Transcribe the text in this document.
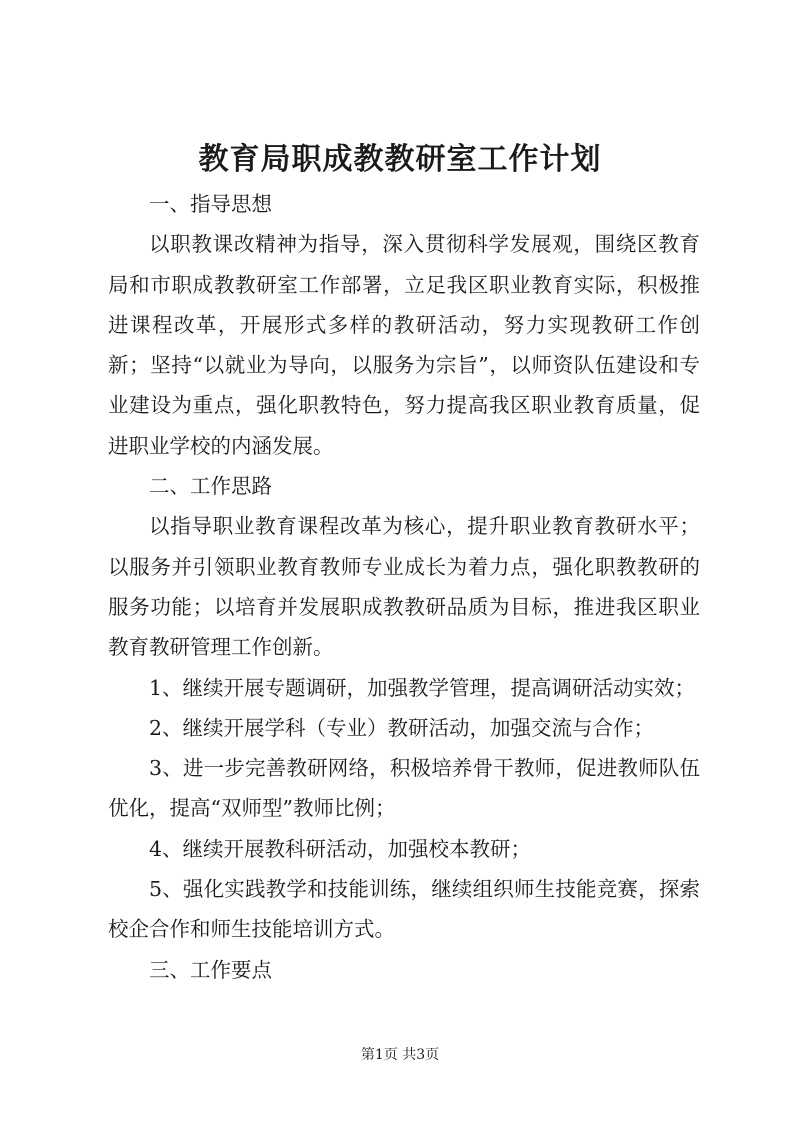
教育局职成教教研室工作计划

一、指导思想

以职教课改精神为指导，深入贯彻科学发展观，围绕区教育局和市职成教教研室工作部署，立足我区职业教育实际，积极推进课程改革，开展形式多样的教研活动，努力实现教研工作创新；坚持“以就业为导向，以服务为宗旨”，以师资队伍建设和专业建设为重点，强化职教特色，努力提高我区职业教育质量，促进职业学校的内涵发展。

二、工作思路

以指导职业教育课程改革为核心，提升职业教育教研水平；以服务并引领职业教育教师专业成长为着力点，强化职教教研的服务功能；以培育并发展职成教教研品质为目标，推进我区职业教育教研管理工作创新。

1、继续开展专题调研，加强教学管理，提高调研活动实效；

2、继续开展学科（专业）教研活动，加强交流与合作；

3、进一步完善教研网络，积极培养骨干教师，促进教师队伍优化，提高“双师型”教师比例；

4、继续开展教科研活动，加强校本教研；

5、强化实践教学和技能训练，继续组织师生技能竞赛，探索校企合作和师生技能培训方式。

三、工作要点

第1页 共3页
